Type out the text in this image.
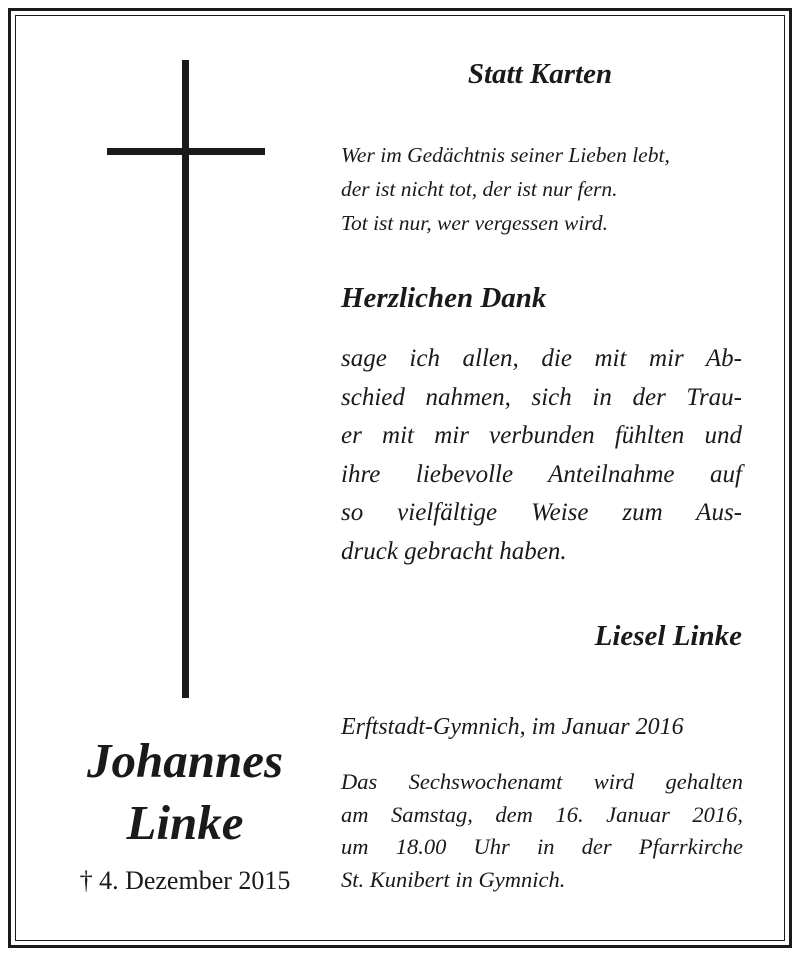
Statt Karten
Wer im Gedächtnis seiner Lieben lebt,
der ist nicht tot, der ist nur fern.
Tot ist nur, wer vergessen wird.
Herzlichen Dank
sage ich allen, die mit mir Ab-
schied nahmen, sich in der Trau-
er mit mir verbunden fühlten und
ihre liebevolle Anteilnahme auf
so vielfältige Weise zum Aus-
druck gebracht haben.
Liesel Linke
Erftstadt-Gymnich, im Januar 2016
Das Sechswochenamt wird gehalten
am Samstag, dem 16. Januar 2016,
um 18.00 Uhr in der Pfarrkirche
St. Kunibert in Gymnich.
Johannes
Linke
† 4. Dezember 2015
